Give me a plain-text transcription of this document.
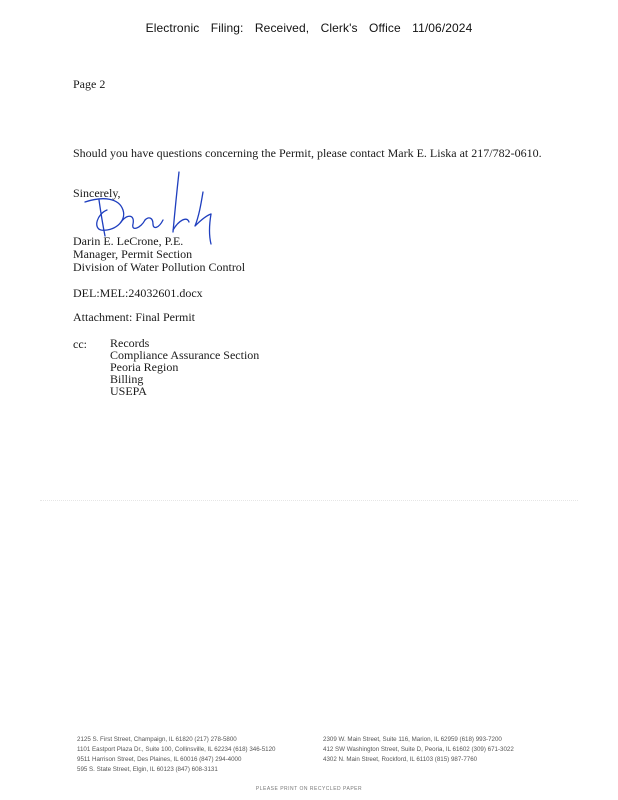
Electronic Filing: Received, Clerk's Office 11/06/2024
Page 2
Should you have questions concerning the Permit, please contact Mark E. Liska at 217/782-0610.
Sincerely,
Darin E. LeCrone, P.E.
Manager, Permit Section
Division of Water Pollution Control
DEL:MEL:24032601.docx
Attachment: Final Permit
cc: Records
Compliance Assurance Section
Peoria Region
Billing
USEPA
2125 S. First Street, Champaign, IL 61820 (217) 278-5800
1101 Eastport Plaza Dr., Suite 100, Collinsville, IL 62234 (618) 346-5120
9511 Harrison Street, Des Plaines, IL 60016 (847) 294-4000
595 S. State Street, Elgin, IL 60123 (847) 608-3131
2309 W. Main Street, Suite 116, Marion, IL 62959 (618) 993-7200
412 SW Washington Street, Suite D, Peoria, IL 61602 (309) 671-3022
4302 N. Main Street, Rockford, IL 61103 (815) 987-7760
PLEASE PRINT ON RECYCLED PAPER
